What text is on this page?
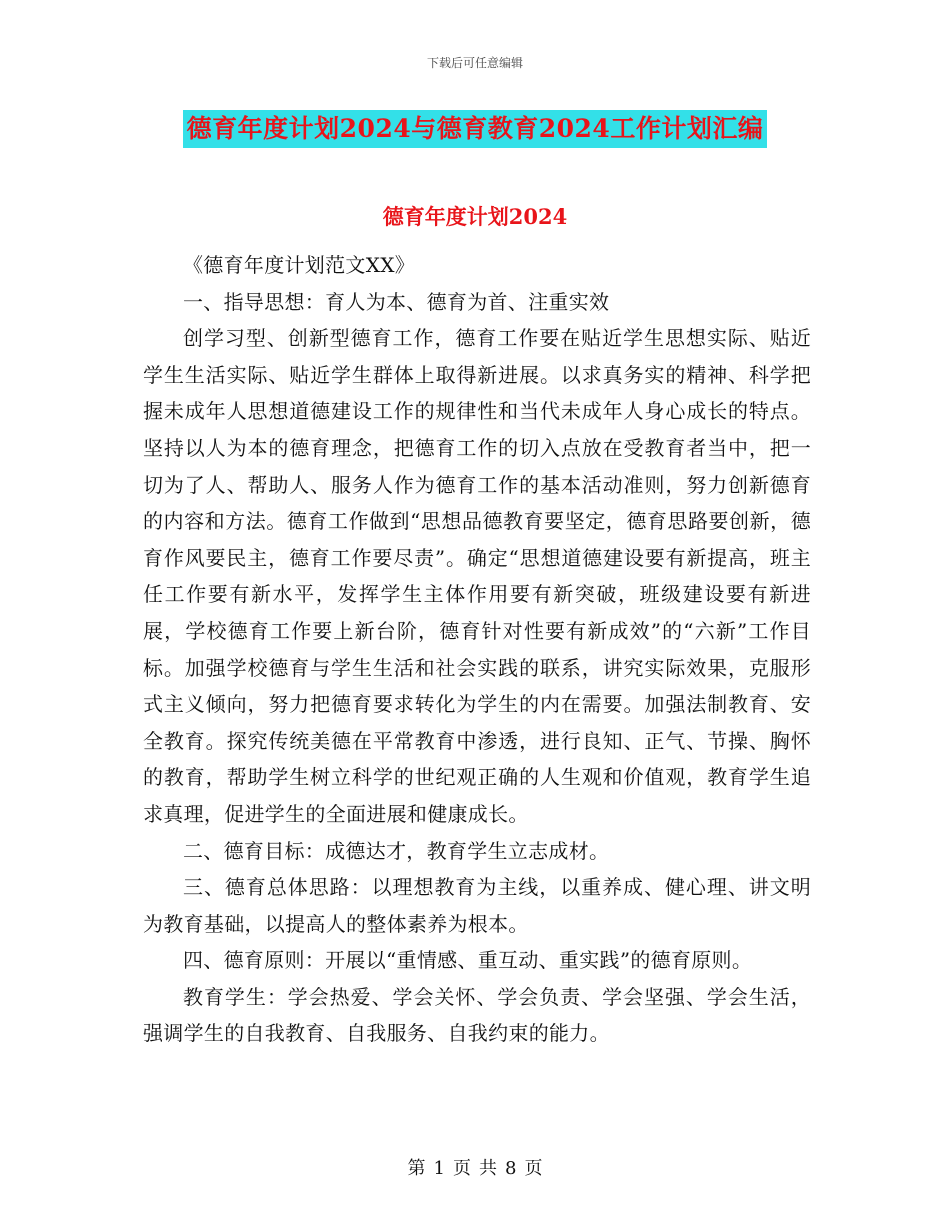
下载后可任意编辑
德育年度计划2024与德育教育2024工作计划汇编
德育年度计划2024

《德育年度计划范文XX》

一、指导思想：育人为本、德育为首、注重实效

创学习型、创新型德育工作，德育工作要在贴近学生思想实际、贴近学生生活实际、贴近学生群体上取得新进展。以求真务实的精神、科学把握未成年人思想道德建设工作的规律性和当代未成年人身心成长的特点。坚持以人为本的德育理念，把德育工作的切入点放在受教育者当中，把一切为了人、帮助人、服务人作为德育工作的基本活动准则，努力创新德育的内容和方法。德育工作做到“思想品德教育要坚定，德育思路要创新，德育作风要民主，德育工作要尽责”。确定“思想道德建设要有新提高，班主任工作要有新水平，发挥学生主体作用要有新突破，班级建设要有新进展，学校德育工作要上新台阶，德育针对性要有新成效”的“六新”工作目标。加强学校德育与学生生活和社会实践的联系，讲究实际效果，克服形式主义倾向，努力把德育要求转化为学生的内在需要。加强法制教育、安全教育。探究传统美德在平常教育中渗透，进行良知、正气、节操、胸怀的教育，帮助学生树立科学的世纪观正确的人生观和价值观，教育学生追求真理，促进学生的全面进展和健康成长。

二、德育目标：成德达才，教育学生立志成材。

三、德育总体思路：以理想教育为主线，以重养成、健心理、讲文明为教育基础，以提高人的整体素养为根本。

四、德育原则：开展以“重情感、重互动、重实践”的德育原则。

教育学生：学会热爱、学会关怀、学会负责、学会坚强、学会生活，强调学生的自我教育、自我服务、自我约束的能力。

第 1 页 共 8 页
